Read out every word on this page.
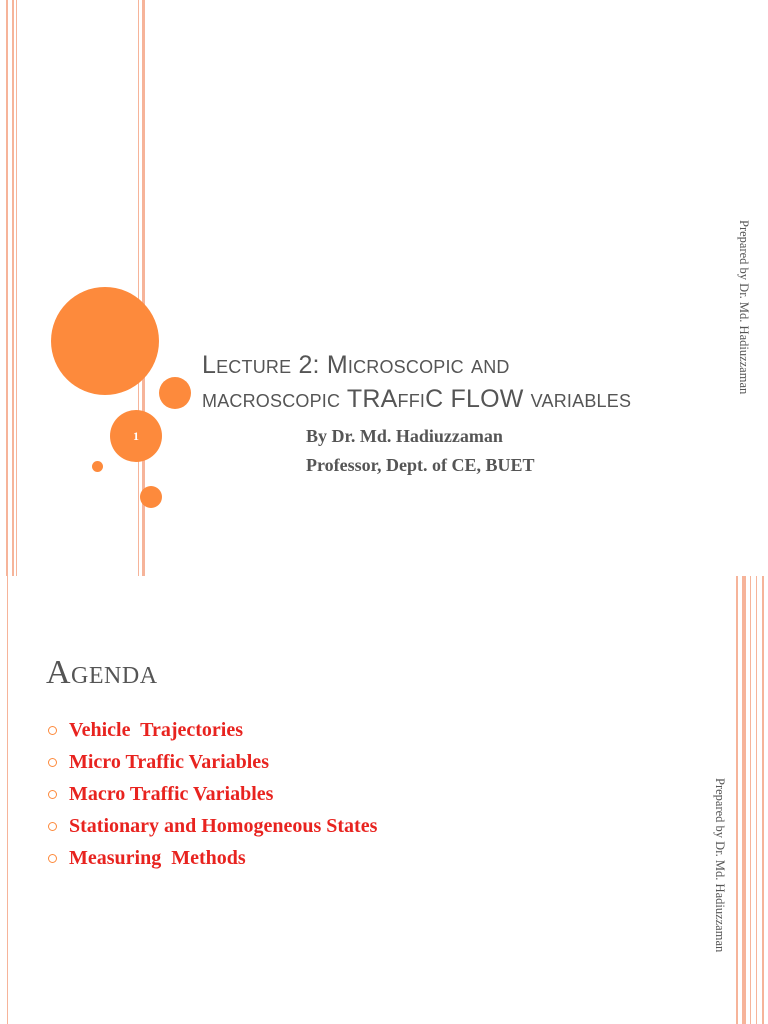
1
Lecture 2: Microscopic and
macroscopic TRAffiC FLOW variables
By Dr. Md. Hadiuzzaman
Professor, Dept. of CE, BUET
Prepared by Dr. Md. Hadiuzzaman
Agenda
Vehicle  Trajectories
Micro Traffic Variables
Macro Traffic Variables
Stationary and Homogeneous States
Measuring  Methods	Prepared by Dr. Md. Hadiuzzaman
